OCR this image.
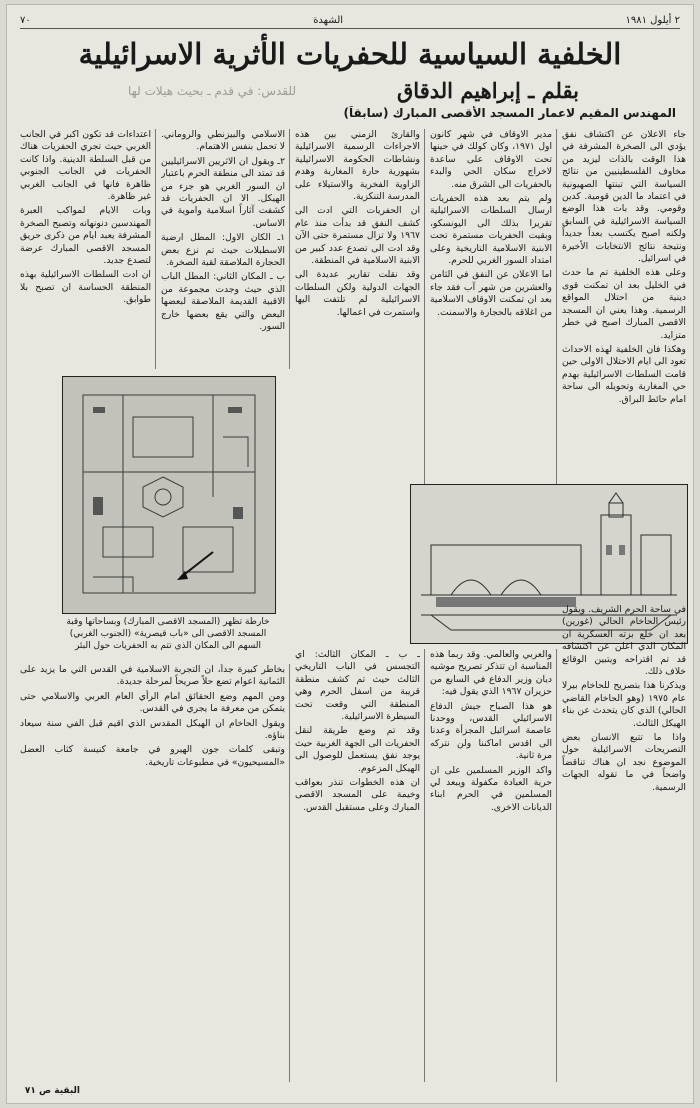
٢ أيلول ١٩٨١
الشهدة
٧٠
الخلفية السياسية للحفريات الأثرية الاسرائيلية
للقدس: في قدم ـ بحيث هيلات لها	بقلم ـ إبراهيم الدقاق
المهندس المقيم لاعمار المسجد الأقصى المبارك (سابقاً)

جاء الاعلان عن اكتشاف نفق يؤدي الى الصخرة المشرفة في هذا الوقت بالذات ليزيد من مخاوف الفلسطينيين من نتائج السياسة التي تبنتها الصهيونية في اعتماد ما الدين قومية. كدين وقومي. وقد بات هذا الوضع السياسة الاسرائيلية في السابق ولكنه اصبح يكتسب بعداً جديداً ونتيجة نتائج الانتخابات الأخيرة في اسرائيل.

وعلى هذه الخلفية تم ما حدث في الخليل بعد ان تمكنت قوى دينية من احتلال المواقع الرسمية. وهذا يعني ان المسجد الاقصى المبارك اصبح في خطر متزايد.

وهكذا فان الخلفية لهذه الاحداث تعود الى ايام الاحتلال الاولى حين قامت السلطات الاسرائيلية بهدم حي المغاربة وتحويله الى ساحة امام حائط البراق.

مدير الاوقاف في شهر كانون اول ١٩٧١، وكان كولك في حينها تحت الاوقاف على ساعدة لاخراج سكان الحي والبدء بالحفريات الى الشرق منه.

ولم يتم بعد هذه الحفريات ارسال السلطات الاسرائيلية تقريرا بذلك الى اليونسكو، وبقيت الحفريات مستمرة تحت الابنية الاسلامية التاريخية وعلى امتداد السور الغربي للحرم.

اما الاعلان عن النفق في الثامن والعشرين من شهر آب فقد جاء بعد ان تمكنت الاوقاف الاسلامية من اغلاقه بالحجارة والاسمنت.

والقارئ الزمني بين هذه الاجراءات الرسمية الاسرائيلية ونشاطات الحكومة الاسرائيلية بشهورية حارة المغاربة وهدم الزاوية الفخرية والاستيلاء على المدرسة التنكزية.

ان الحفريات التي ادت الى كشف النفق قد بدأت منذ عام ١٩٦٧ ولا تزال مستمرة حتى الآن وقد ادت الى تصدع عدد كبير من الابنية الاسلامية في المنطقة.

وقد نقلت تقارير عديدة الى الجهات الدولية ولكن السلطات الاسرائيلية لم تلتفت اليها واستمرت في اعمالها.

الاسلامي والبيزنطي والروماني. لا تحمل بنفس الاهتمام.

٢ـ ويقول ان الاثريين الاسرائيليين قد تمتد الى منطقة الحرم باعتبار ان السور الغربي هو جزء من الهيكل. الا ان الحفريات قد كشفت آثاراً اسلامية واموية في الاساس.

١ـ الكان الاول: المطل ارضية الاسطبلات حيث تم نزع بعض الحجارة الملاصقة لقبة الصخرة.

ب ـ المكان الثاني: المطل الباب الذي حيث وجدت مجموعة من الاقبية القديمة الملاصقة لبعضها البعض والتي يقع بعضها خارج السور.

اعتداءات قد تكون اكبر في الجانب الغربي حيث تجري الحفريات هناك من قبل السلطة الدينية. واذا كانت الحفريات في الجانب الجنوبي ظاهرة فانها في الجانب الغربي غير ظاهرة.

وبات الايام لمواكب العبرة المهندسين دنونهانه وتصبح الصخرة المشرفة يعبد ايام من ذكرى حريق المسجد الاقصى المبارك عرضة لتصدع جديد.

ان ادت السلطات الاسرائيلية بهذه المنطقة الحساسة ان تصبح بلا طوابق.

خارطة تظهر (المسجد الاقصى المبارك) وبساحاتها وقبة المسجد الاقصى الى «باب قيصرية» (الجنوب الغربي) السهم الى المكان الذي تتم به الحفريات حول البئر

في ساحة الحرم الشريف. ويقول رئيس الحاخام الحالي (غورين) بعد ان خلع بزته العسكرية ان المكان الذي اعلن عن اكتشافه قد تم اقتراحه ويتبين الوقائع خلاف ذلك.

ويذكرنا هذا بتصريح للحاخام بيرلا عام ١٩٧٥ (وهو الحاخام القاضي الحالي) الذي كان يتحدث عن بناء الهيكل الثالث.

واذا ما تتبع الانسان بعض التصريحات الاسرائيلية حول الموضوع نجد ان هناك تناقضاً واضحاً في ما تقوله الجهات الرسمية.

والعربي والعالمي. وقد ربما هذه المناسبة ان تتذكر تصريح موشيه ديان وزير الدفاع في السابع من حزيران ١٩٦٧ الذي يقول فيه:

هو هذا الصباح جيش الدفاع الاسرائيلي القدس، ووحدنا عاصمة اسرائيل المجزأة وعدنا الى اقدس اماكننا ولن نتركه مرة ثانية.

واكد الوزير المسلمين على ان حرية العبادة مكفولة ويبعد لي المسلمين في الحرم ابناء الديانات الاخرى.

ـ ب ـ المكان الثالث: اي التجسس في الباب التاريخي الثالث حيث تم كشف منطقة قريبة من اسفل الحرم وهي المنطقة التي وقعت تحت السيطرة الاسرائيلية.

وقد تم وضع طريقة لنقل الحفريات الى الجهة الغربية حيث يوجد نفق يستعمل للوصول الى الهيكل المزعوم.

ان هذه الخطوات تنذر بعواقب وخيمة على المسجد الاقصى المبارك وعلى مستقبل القدس.

بخاطر كبيرة جداً، ان التجربة الاسلامية في القدس التي ما يزيد على الثمانية اعوام تضع حلاً صريحاً لمرحلة جديدة.

ومن المهم وضع الحقائق امام الرأي العام العربي والاسلامي حتى يتمكن من معرفة ما يجري في القدس.

ويقول الحاخام ان الهيكل المقدس الذي اقيم قبل الفي سنة سيعاد بناؤه.

وتبقى كلمات جون الهيرو في جامعة كنيسة كثاب العضل «المسيحيون» في مطبوعات تاريخية.

البقية ص ٧١
